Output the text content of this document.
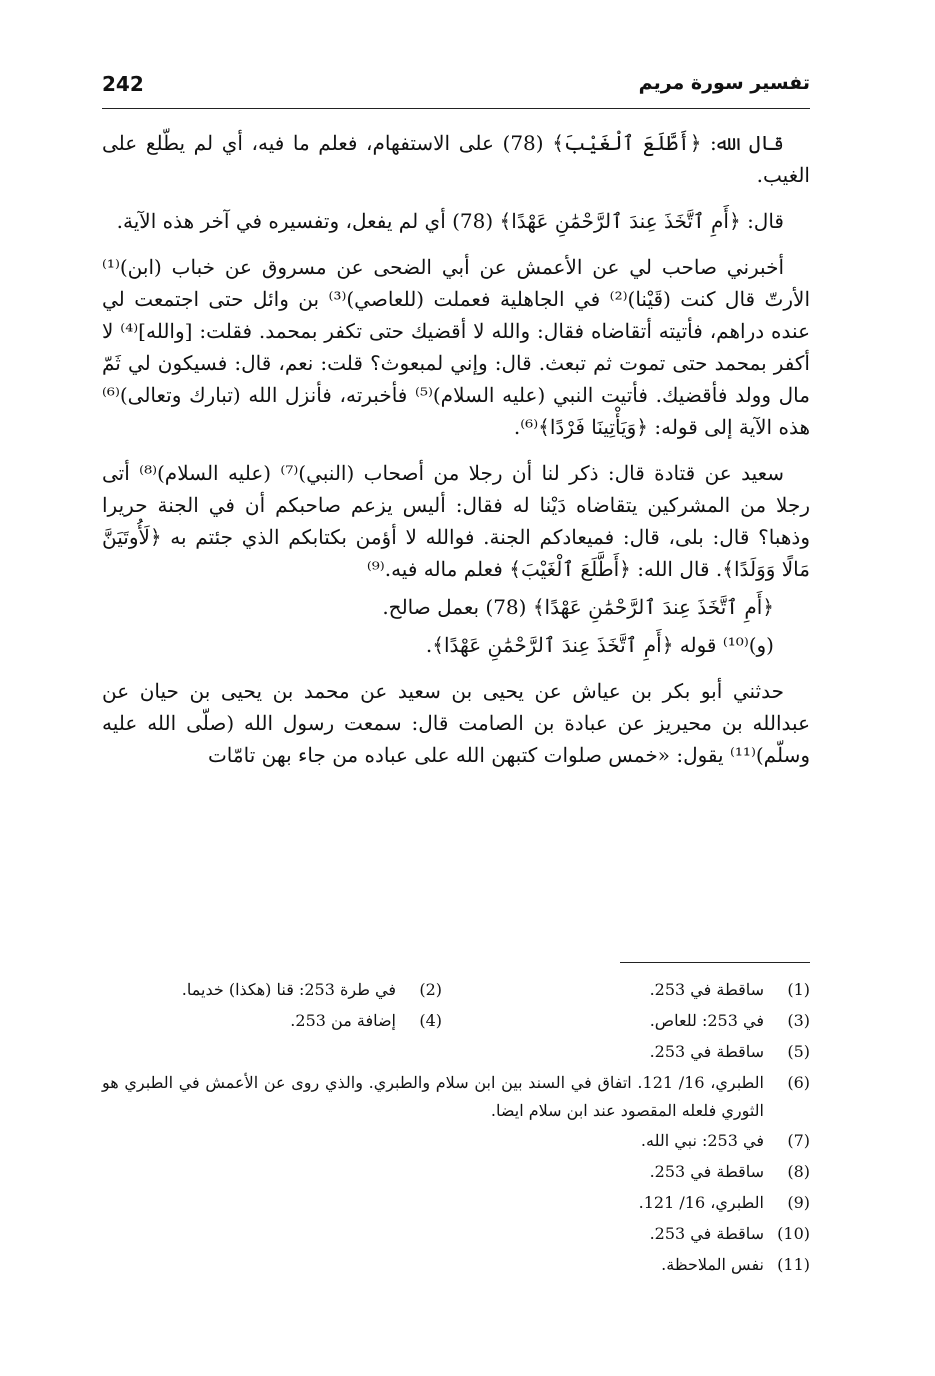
242	تفسير سورة مريم

قال الله: ﴿أَطَّلَعَ ٱلْغَيْبَ﴾ (78) على الاستفهام، فعلم ما فيه، أي لم يطّلع على الغيب.

قال: ﴿أَمِ ٱتَّخَذَ عِندَ ٱلرَّحْمَٰنِ عَهْدًا﴾ (78) أي لم يفعل، وتفسيره في آخر هذه الآية.

أخبرني صاحب لي عن الأعمش عن أبي الضحى عن مسروق عن خباب (ابن)⁽¹⁾ الأرتّ قال كنت (قَيْنا)⁽²⁾ في الجاهلية فعملت (للعاصي)⁽³⁾ بن وائل حتى اجتمعت لي عنده دراهم، فأتيته أتقاضاه فقال: والله لا أقضيك حتى تكفر بمحمد. فقلت: [والله]⁽⁴⁾ لا أكفر بمحمد حتى تموت ثم تبعث. قال: وإني لمبعوث؟ قلت: نعم، قال: فسيكون لي ثَمّ مال وولد فأقضيك. فأتيت النبي (عليه السلام)⁽⁵⁾ فأخبرته، فأنزل الله (تبارك وتعالى)⁽⁶⁾ هذه الآية إلى قوله: ﴿وَيَأْتِينَا فَرْدًا﴾⁽⁶⁾.

سعيد عن قتادة قال: ذكر لنا أن رجلا من أصحاب (النبي)⁽⁷⁾ (عليه السلام)⁽⁸⁾ أتى رجلا من المشركين يتقاضاه دَيْنا له فقال: أليس يزعم صاحبكم أن في الجنة حريرا وذهبا؟ قال: بلى، قال: فميعادكم الجنة. فوالله لا أؤمن بكتابكم الذي جئتم به ﴿لَأُوتَيَنَّ مَالًا وَوَلَدًا﴾. قال الله: ﴿أَطَّلَعَ ٱلْغَيْبَ﴾ فعلم ماله فيه.⁽⁹⁾

﴿أَمِ ٱتَّخَذَ عِندَ ٱلرَّحْمَٰنِ عَهْدًا﴾ (78) بعمل صالح.

(و)⁽¹⁰⁾ قوله ﴿أَمِ ٱتَّخَذَ عِندَ ٱلرَّحْمَٰنِ عَهْدًا﴾.

حدثني أبو بكر بن عياش عن يحيى بن سعيد عن محمد بن يحيى بن حيان عن عبدالله بن محيريز عن عبادة بن الصامت قال: سمعت رسول الله (صلّى الله عليه وسلّم)⁽¹¹⁾ يقول: «خمس صلوات كتبهن الله على عباده من جاء بهن تامّات

(1)
ساقطة في 253.
(2)
في طرة 253: قنا (هكذا) خديما.
(3)
في 253: للعاص.
(4)
إضافة من 253.
(5)
ساقطة في 253.
(6)
الطبري، 16/ 121. اتفاق في السند بين ابن سلام والطبري. والذي روى عن الأعمش في الطبري هو الثوري فلعله المقصود عند ابن سلام ايضا.
(7)
في 253: نبي الله.
(8)
ساقطة في 253.
(9)
الطبري، 16/ 121.
(10)
ساقطة في 253.
(11)
نفس الملاحظة.
